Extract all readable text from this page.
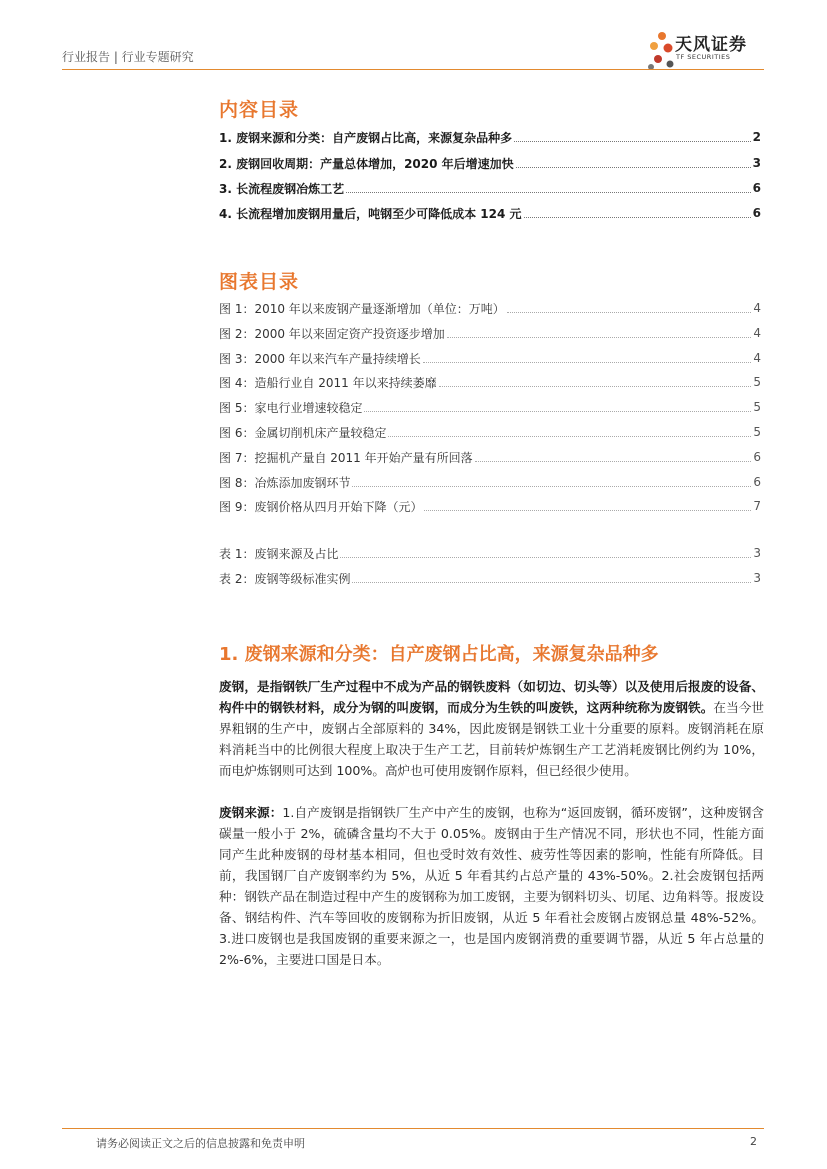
行业报告 | 行业专题研究
天风证券
TF SECURITIES
内容目录
1. 废钢来源和分类：自产废钢占比高，来源复杂品种多	2
2. 废钢回收周期：产量总体增加，2020 年后增速加快	3
3. 长流程废钢冶炼工艺	6
4. 长流程增加废钢用量后，吨钢至少可降低成本 124 元	6
图表目录
图 1：2010 年以来废钢产量逐渐增加（单位：万吨）	4
图 2：2000 年以来固定资产投资逐步增加	4
图 3：2000 年以来汽车产量持续增长	4
图 4：造船行业自 2011 年以来持续萎靡	5
图 5：家电行业增速较稳定	5
图 6：金属切削机床产量较稳定	5
图 7：挖掘机产量自 2011 年开始产量有所回落	6
图 8：冶炼添加废钢环节	6
图 9：废钢价格从四月开始下降（元）	7
表 1：废钢来源及占比	3
表 2：废钢等级标准实例	3
1. 废钢来源和分类：自产废钢占比高，来源复杂品种多
废钢，是指钢铁厂生产过程中不成为产品的钢铁废料（如切边、切头等）以及使用后报废的设备、构件中的钢铁材料，成分为钢的叫废钢，而成分为生铁的叫废铁，这两种统称为废钢铁。在当今世界粗钢的生产中，废钢占全部原料的 34%，因此废钢是钢铁工业十分重要的原料。废钢消耗在原料消耗当中的比例很大程度上取决于生产工艺，目前转炉炼钢生产工艺消耗废钢比例约为 10%，而电炉炼钢则可达到 100%。高炉也可使用废钢作原料，但已经很少使用。
废钢来源：1.自产废钢是指钢铁厂生产中产生的废钢，也称为“返回废钢，循环废钢”，这种废钢含碳量一般小于 2%，硫磷含量均不大于 0.05%。废钢由于生产情况不同，形状也不同，性能方面同产生此种废钢的母材基本相同，但也受时效有效性、疲劳性等因素的影响，性能有所降低。目前，我国钢厂自产废钢率约为 5%，从近 5 年看其约占总产量的 43%-50%。2.社会废钢包括两种：钢铁产品在制造过程中产生的废钢称为加工废钢，主要为钢料切头、切尾、边角料等。报废设备、钢结构件、汽车等回收的废钢称为折旧废钢，从近 5 年看社会废钢占废钢总量 48%-52%。3.进口废钢也是我国废钢的重要来源之一，也是国内废钢消费的重要调节器，从近 5 年占总量的 2%-6%，主要进口国是日本。
请务必阅读正文之后的信息披露和免责申明	2
